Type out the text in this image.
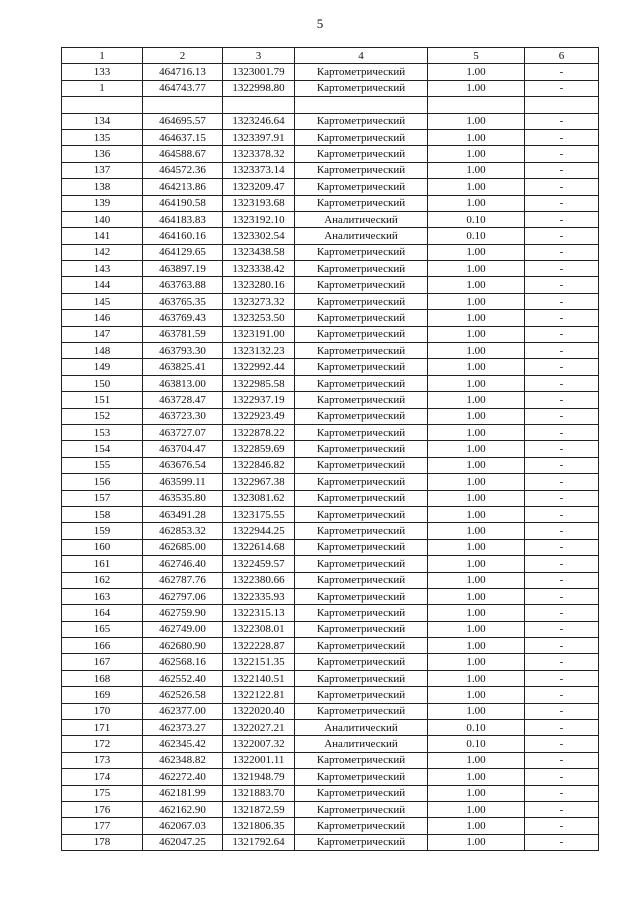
5
1	2	3	4	5	6
133	464716.13	1323001.79	Картометрический	1.00	-
1	464743.77	1322998.80	Картометрический	1.00	-

134	464695.57	1323246.64	Картометрический	1.00	-
135	464637.15	1323397.91	Картометрический	1.00	-
136	464588.67	1323378.32	Картометрический	1.00	-
137	464572.36	1323373.14	Картометрический	1.00	-
138	464213.86	1323209.47	Картометрический	1.00	-
139	464190.58	1323193.68	Картометрический	1.00	-
140	464183.83	1323192.10	Аналитический	0.10	-
141	464160.16	1323302.54	Аналитический	0.10	-
142	464129.65	1323438.58	Картометрический	1.00	-
143	463897.19	1323338.42	Картометрический	1.00	-
144	463763.88	1323280.16	Картометрический	1.00	-
145	463765.35	1323273.32	Картометрический	1.00	-
146	463769.43	1323253.50	Картометрический	1.00	-
147	463781.59	1323191.00	Картометрический	1.00	-
148	463793.30	1323132.23	Картометрический	1.00	-
149	463825.41	1322992.44	Картометрический	1.00	-
150	463813.00	1322985.58	Картометрический	1.00	-
151	463728.47	1322937.19	Картометрический	1.00	-
152	463723.30	1322923.49	Картометрический	1.00	-
153	463727.07	1322878.22	Картометрический	1.00	-
154	463704.47	1322859.69	Картометрический	1.00	-
155	463676.54	1322846.82	Картометрический	1.00	-
156	463599.11	1322967.38	Картометрический	1.00	-
157	463535.80	1323081.62	Картометрический	1.00	-
158	463491.28	1323175.55	Картометрический	1.00	-
159	462853.32	1322944.25	Картометрический	1.00	-
160	462685.00	1322614.68	Картометрический	1.00	-
161	462746.40	1322459.57	Картометрический	1.00	-
162	462787.76	1322380.66	Картометрический	1.00	-
163	462797.06	1322335.93	Картометрический	1.00	-
164	462759.90	1322315.13	Картометрический	1.00	-
165	462749.00	1322308.01	Картометрический	1.00	-
166	462680.90	1322228.87	Картометрический	1.00	-
167	462568.16	1322151.35	Картометрический	1.00	-
168	462552.40	1322140.51	Картометрический	1.00	-
169	462526.58	1322122.81	Картометрический	1.00	-
170	462377.00	1322020.40	Картометрический	1.00	-
171	462373.27	1322027.21	Аналитический	0.10	-
172	462345.42	1322007.32	Аналитический	0.10	-
173	462348.82	1322001.11	Картометрический	1.00	-
174	462272.40	1321948.79	Картометрический	1.00	-
175	462181.99	1321883.70	Картометрический	1.00	-
176	462162.90	1321872.59	Картометрический	1.00	-
177	462067.03	1321806.35	Картометрический	1.00	-
178	462047.25	1321792.64	Картометрический	1.00	-
